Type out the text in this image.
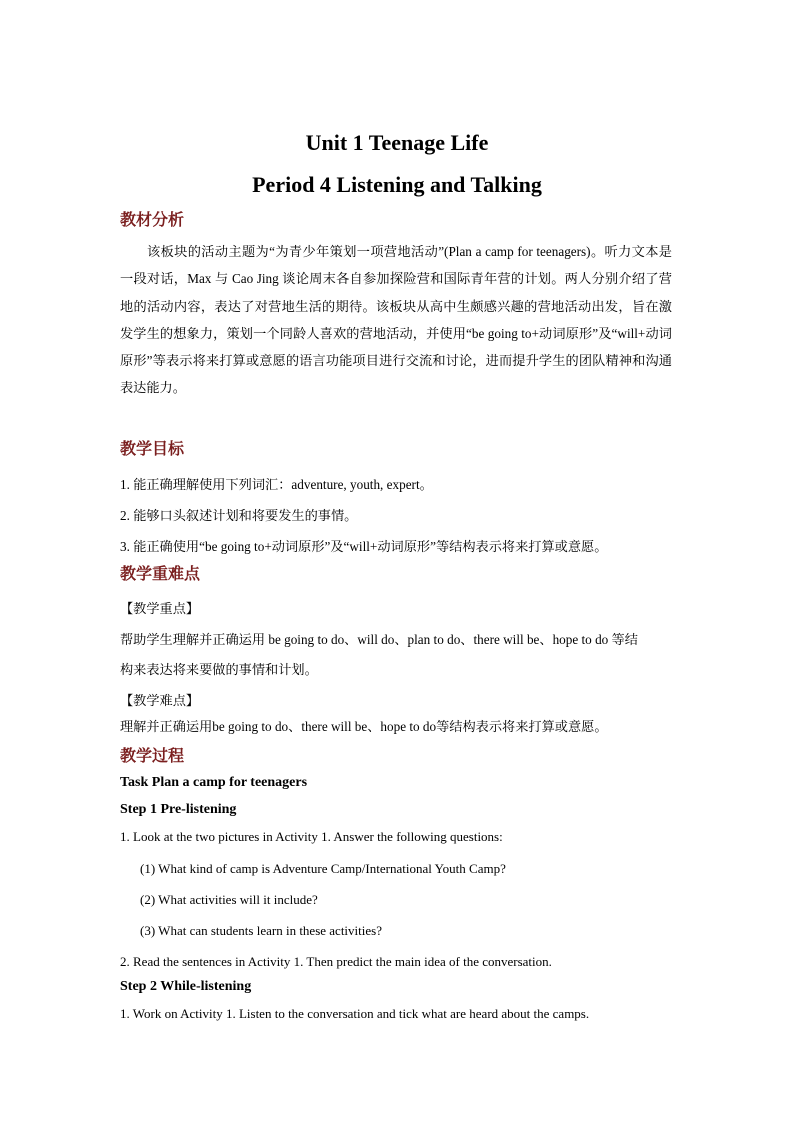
Unit 1 Teenage Life
Period 4 Listening and Talking
教材分析
该板块的活动主题为“为青少年策划一项营地活动”(Plan a camp for teenagers)。听力文本是一段对话，Max 与 Cao Jing 谈论周末各自参加探险营和国际青年营的计划。两人分别介绍了营地的活动内容，表达了对营地生活的期待。该板块从高中生颇感兴趣的营地活动出发，旨在激发学生的想象力，策划一个同龄人喜欢的营地活动，并使用“be going to+动词原形”及“will+动词原形”等表示将来打算或意愿的语言功能项目进行交流和讨论，进而提升学生的团队精神和沟通表达能力。
教学目标
1. 能正确理解使用下列词汇：adventure, youth, expert。
2. 能够口头叙述计划和将要发生的事情。
3. 能正确使用“be going to+动词原形”及“will+动词原形”等结构表示将来打算或意愿。
教学重难点
【教学重点】
帮助学生理解并正确运用 be going to do、will do、plan to do、there will be、hope to do 等结
构来表达将来要做的事情和计划。
【教学难点】
理解并正确运用be going to do、there will be、hope to do等结构表示将来打算或意愿。
教学过程
Task Plan a camp for teenagers
Step 1 Pre-listening
1. Look at the two pictures in Activity 1. Answer the following questions:
(1) What kind of camp is Adventure Camp/International Youth Camp?
(2) What activities will it include?
(3) What can students learn in these activities?
2. Read the sentences in Activity 1. Then predict the main idea of the conversation.
Step 2 While-listening
1. Work on Activity 1. Listen to the conversation and tick what are heard about the camps.
